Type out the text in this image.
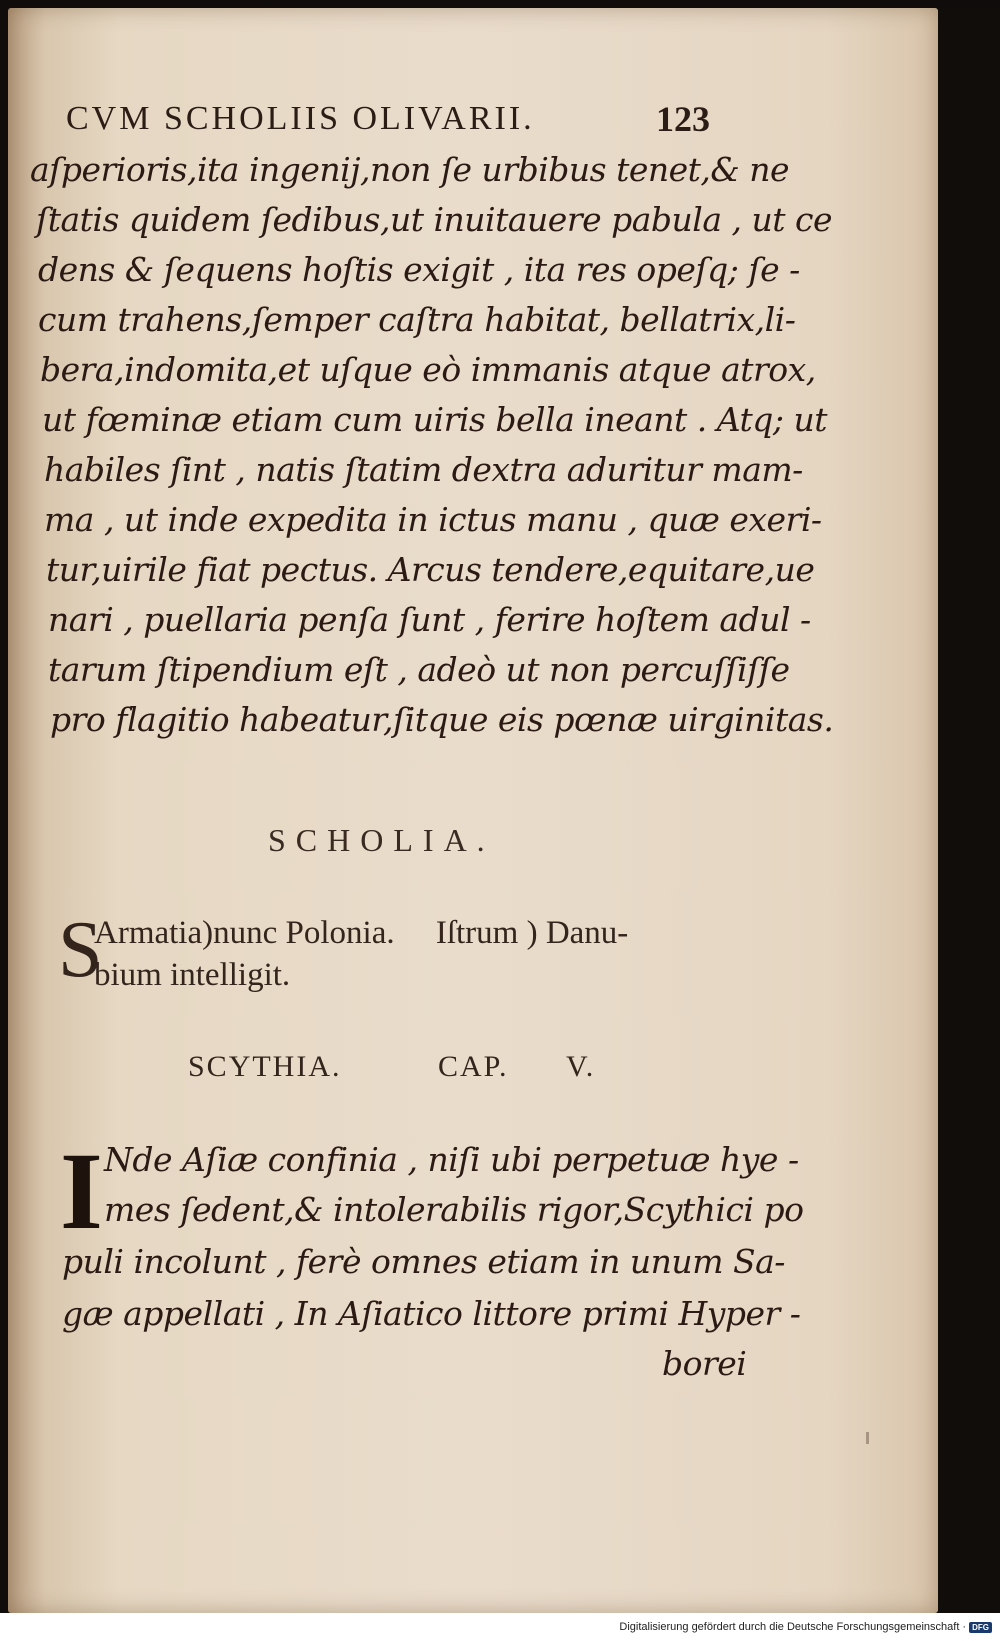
CVM SCHOLIIS OLIVARII.	123
aſperioris,ita ingenij,non ſe urbibus tenet,& ne
ſtatis quidem ſedibus,ut inuitauere pabula , ut ce
dens & ſequens hoſtis exigit , ita res opeſq; ſe -
cum trahens,ſemper caſtra habitat, bellatrix,li-
bera,indomita,et uſque eò immanis atque atrox,
ut fœminæ etiam cum uiris bella ineant . Atq; ut
habiles ſint , natis ſtatim dextra aduritur mam-
ma , ut inde expedita in ictus manu , quæ exeri-
tur,uirile fiat pectus. Arcus tendere,equitare,ue
nari , puellaria penſa ſunt , ferire hoſtem adul -
tarum ſtipendium eſt , adeò ut non percuſſiſſe
pro flagitio habeatur,ſitque eis pœnæ uirginitas.
SCHOLIA.
S
Armatia)nunc Polonia.     Iſtrum ) Danu-
bium intelligit.
SCYTHIA.	CAP. V.
I Nde Aſiæ confinia , niſi ubi perpetuæ hye -
mes ſedent,& intolerabilis rigor,Scythici po
puli incolunt , ferè omnes etiam in unum Sa-
gæ appellati , In Aſiatico littore primi Hyper -
borei
Digitalisierung gefördert durch die Deutsche Forschungsgemeinschaft · DFG
